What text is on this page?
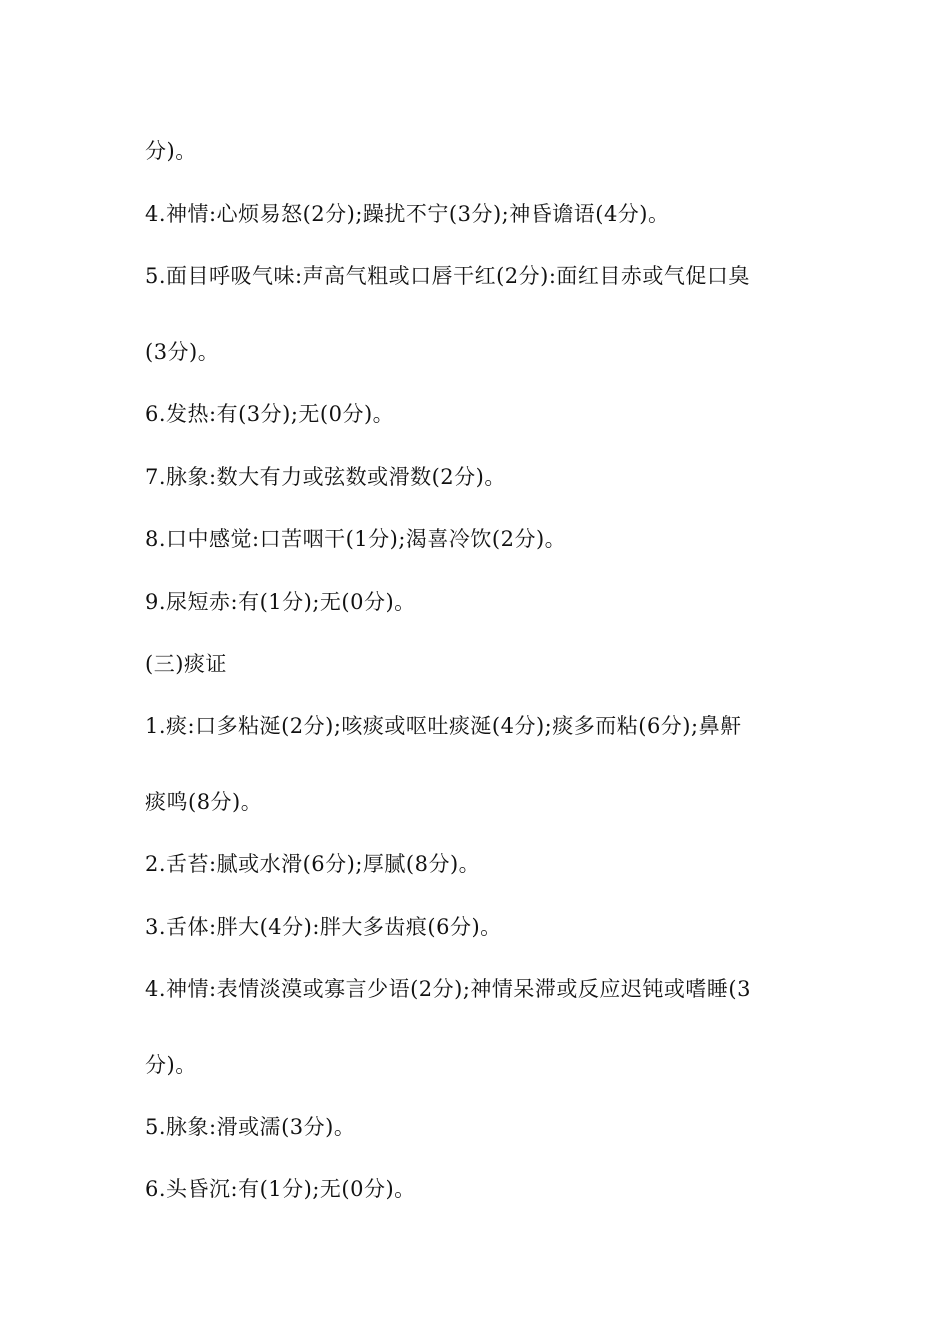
分)。
4.神情:心烦易怒(2分);躁扰不宁(3分);神昏谵语(4分)。
5.面目呼吸气味:声高气粗或口唇干红(2分):面红目赤或气促口臭
(3分)。
6.发热:有(3分);无(0分)。
7.脉象:数大有力或弦数或滑数(2分)。
8.口中感觉:口苦咽干(1分);渴喜冷饮(2分)。
9.尿短赤:有(1分);无(0分)。
(三)痰证
1.痰:口多粘涎(2分);咳痰或呕吐痰涎(4分);痰多而粘(6分);鼻鼾
痰鸣(8分)。
2.舌苔:腻或水滑(6分);厚腻(8分)。
3.舌体:胖大(4分):胖大多齿痕(6分)。
4.神情:表情淡漠或寡言少语(2分);神情呆滞或反应迟钝或嗜睡(3
分)。
5.脉象:滑或濡(3分)。
6.头昏沉:有(1分);无(0分)。
